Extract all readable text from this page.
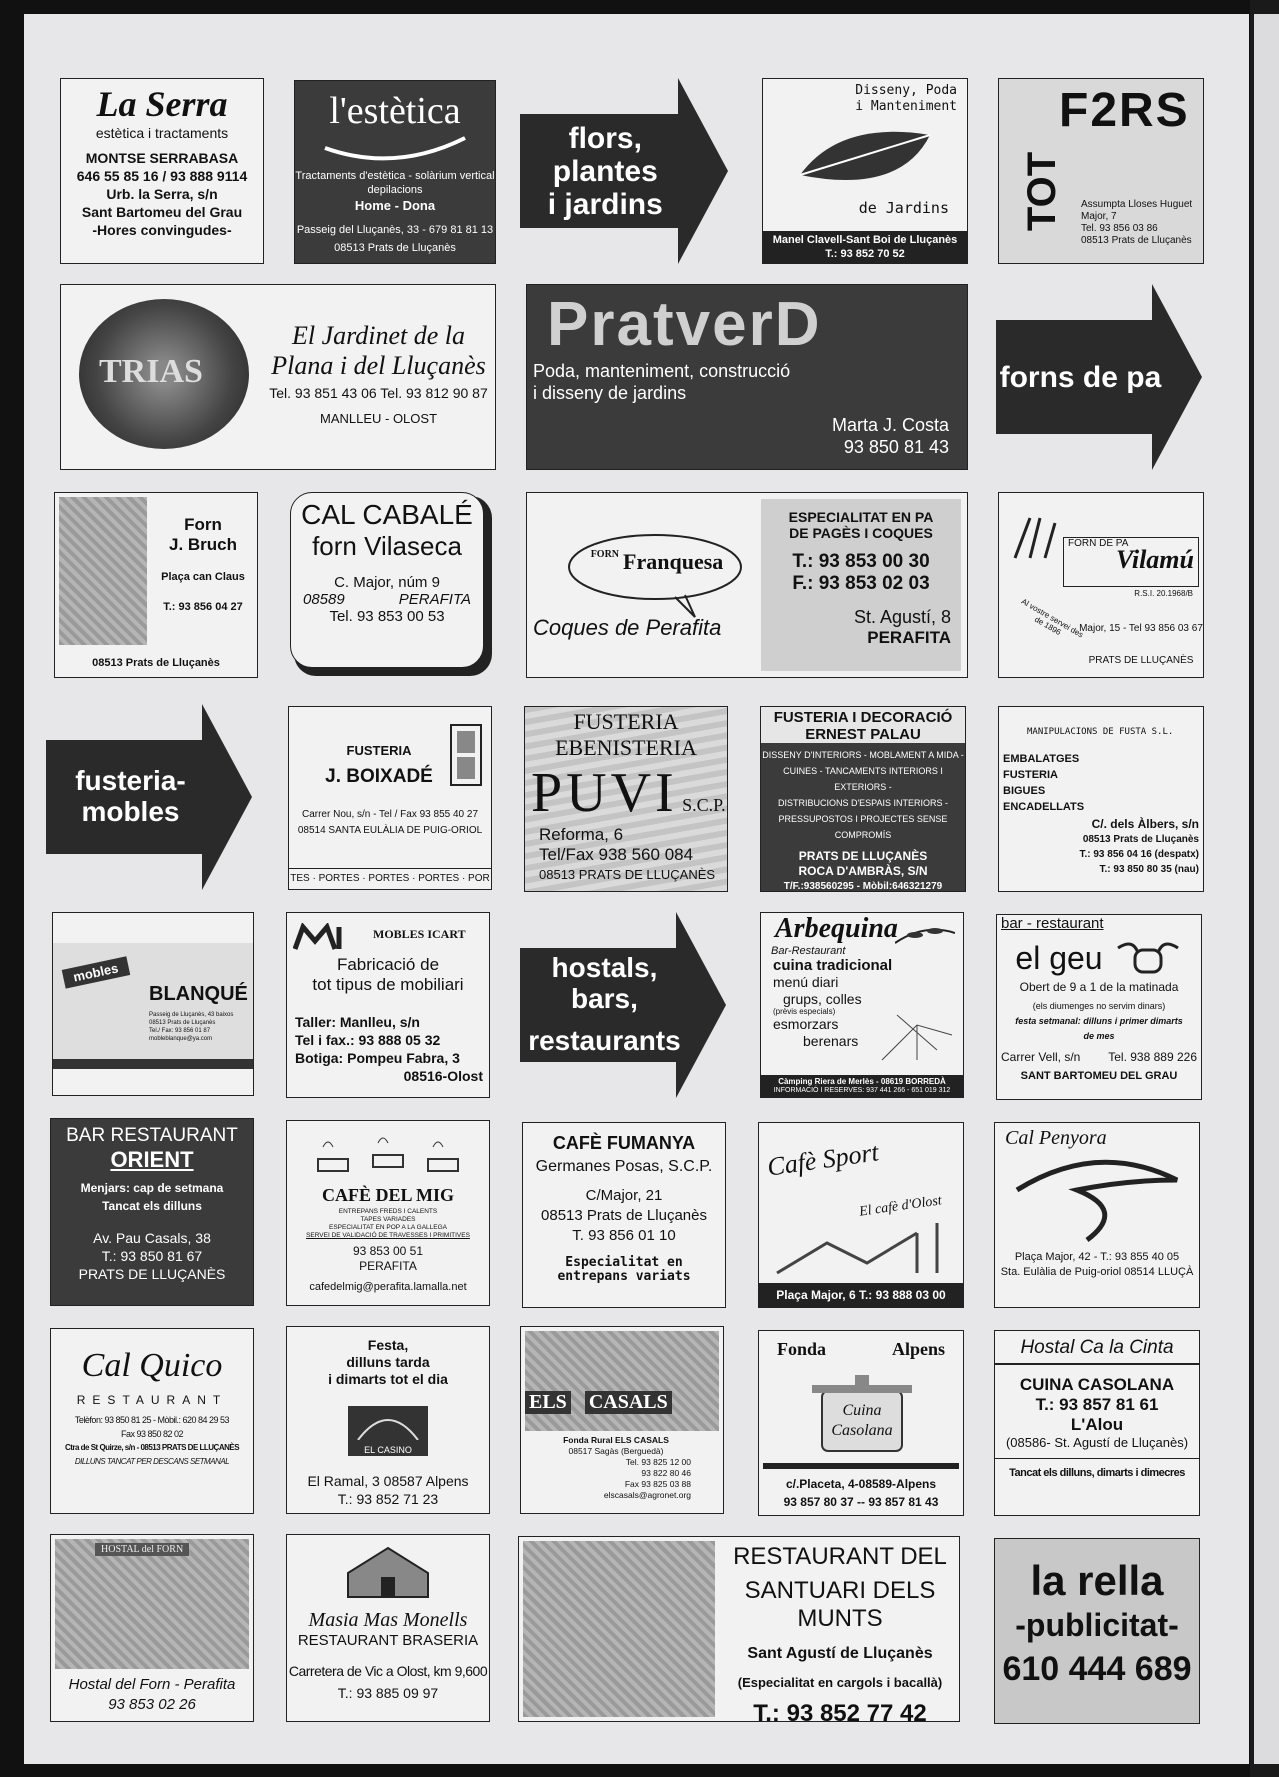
La Serra
estètica i tractaments
MONTSE SERRABASA
646 55 85 16 / 93 888 9114
Urb. la Serra, s/n
Sant Bartomeu del Grau
-Hores convingudes-
l'estètica
Tractaments d'estètica - solàrium vertical
depilacions
Home - Dona
Passeig del Lluçanès, 33 - 679 81 81 13
08513 Prats de Lluçanès
flors, plantes
i jardins
Disseny, Poda
i Manteniment
de Jardins
Manel Clavell-Sant Boi de Lluçanès
T.: 93 852 70 52
TOT
F2RS
Assumpta Lloses Huguet
Major, 7
Tel. 93 856 03 86
08513 Prats de Lluçanès
TRIAS
El Jardinet de la
Plana i del Lluçanès
Tel. 93 851 43 06 Tel. 93 812 90 87
MANLLEU - OLOST
PratverD
Poda, manteniment, construcció
i disseny de jardins
Marta J. Costa
93 850 81 43
forns de pa
Forn
J. Bruch
Plaça can Claus
T.: 93 856 04 27
08513 Prats de Lluçanès
CAL CABALÉ
forn Vilaseca
C. Major, núm 9
08589	PERAFITA
Tel. 93 853 00 53
$^{FORN}$ Franquesa
Coques de Perafita
ESPECIALITAT EN PA
DE PAGÈS I COQUES
T.: 93 853 00 30
F.: 93 853 02 03
St. Agustí, 8
PERAFITA
FORN DE PA
Vilamú
R.S.I. 20.1968/B
Al vostre servei des de 1896	Major, 15 - Tel 93 856 03 67
PRATS DE LLUÇANÈS
fusteria-mobles
FUSTERIA
J. BOIXADÉ
Carrer Nou, s/n - Tel / Fax 93 855 40 27
08514 SANTA EULÀLIA DE PUIG-ORIOL
TES · PORTES · PORTES · PORTES · POR
FUSTERIA
EBENISTERIA
PUVI S.C.P.
Reforma, 6
Tel/Fax 938 560 084
08513 PRATS DE LLUÇANÈS
FUSTERIA I DECORACIÓ
ERNEST PALAU
DISSENY D'INTERIORS - MOBLAMENT A MIDA -
CUINES - TANCAMENTS INTERIORS I EXTERIORS -
DISTRIBUCIONS D'ESPAIS INTERIORS -
PRESSUPOSTOS I PROJECTES SENSE COMPROMÍS
PRATS DE LLUÇANÈS
ROCA D'AMBRÀS, S/N
T/F.:938560295 - Mòbil:646321279
MANIPULACIONS DE FUSTA S.L.
EMBALATGES
FUSTERIA
BIGUES
ENCADELLATS
C/. dels Àlbers, s/n
08513 Prats de Lluçanès
T.: 93 856 04 16 (despatx)
T.: 93 850 80 35 (nau)
mobles
BLANQUÉ
Passeig de Lluçanès, 43 baixos
08513 Prats de Lluçanès
Tel./ Fax: 93 856 01 87
mobleblanque@ya.com
MOBLES ICART
Fabricació de
tot tipus de mobiliari
Taller: Manlleu, s/n
Tel i fax.: 93 888 05 32
Botiga: Pompeu Fabra, 3
08516-Olost
hostals, bars,
restaurants
Arbequina
Bar-Restaurant
cuina tradicional
menú diari
grups, colles
(prèvis especials)
esmorzars
berenars
Càmping Riera de Merlès - 08619 BORREDÀ
INFORMACIÓ I RESERVES: 937 441 266 - 651 019 312
bar - restaurant
el geu
Obert de 9 a 1 de la matinada
(els diumenges no servim dinars)
festa setmanal: dilluns i primer dimarts
de mes
Carrer Vell, s/n Tel. 938 889 226
SANT BARTOMEU DEL GRAU
BAR RESTAURANT
ORIENT
Menjars: cap de setmana
Tancat els dilluns
Av. Pau Casals, 38
T.: 93 850 81 67
PRATS DE LLUÇANÈS
CAFÈ DEL MIG
ENTREPANS FREDS I CALENTS
TAPES VARIADES
ESPECIALITAT EN POP A LA GALLEGA
SERVEI DE VALIDACIÓ DE TRAVESSES I PRIMITIVES
93 853 00 51
PERAFITA
cafedelmig@perafita.lamalla.net
CAFÈ FUMANYA
Germanes Posas, S.C.P.
C/Major, 21
08513 Prats de Lluçanès
T. 93 856 01 10
Especialitat en
entrepans variats
Cafè Sport
El cafè d'Olost
Plaça Major, 6 T.: 93 888 03 00
Cal Penyora
Plaça Major, 42 - T.: 93 855 40 05
Sta. Eulàlia de Puig-oriol 08514 LLUÇÀ
Cal Quico
RESTAURANT
Telèfon: 93 850 81 25 - Mòbil.: 620 84 29 53
Fax 93 850 82 02
Ctra de St Quirze, s/n - 08513 PRATS DE LLUÇANÈS
DILLUNS TANCAT PER DESCANS SETMANAL
Festa,
dilluns tarda
i dimarts tot el dia
EL CASINO
El Ramal, 3 08587 Alpens
T.: 93 852 71 23
ELS CASALS
Fonda Rural ELS CASALS
08517 Sagàs (Berguedà)
Tel. 93 825 12 00
93 822 80 46
Fax 93 825 03 88
elscasals@agronet.org
Fonda	Alpens
Cuina
Casolana
c/.Placeta, 4-08589-Alpens
93 857 80 37 -- 93 857 81 43
Hostal Ca la Cinta
CUINA CASOLANA
T.: 93 857 81 61
L'Alou
(08586- St. Agustí de Lluçanès)
Tancat els dilluns, dimarts i dimecres
HOSTAL del FORN
Hostal del Forn - Perafita
93 853 02 26
Masia Mas Monells
RESTAURANT BRASERIA
Carretera de Vic a Olost, km 9,600
T.: 93 885 09 97
RESTAURANT DEL
SANTUARI DELS MUNTS
Sant Agustí de Lluçanès
(Especialitat en cargols i bacallà)
T.: 93 852 77 42
la rella
-publicitat-
610 444 689
